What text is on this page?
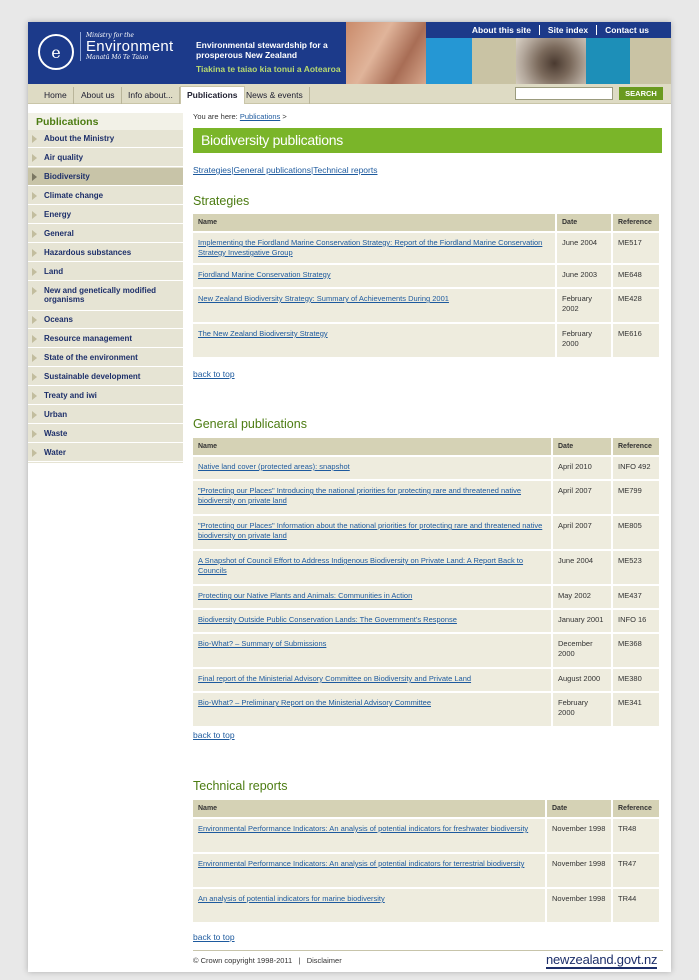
e
Ministry for the
Environment
Manatū Mō Te Taiao
Environmental stewardship for a prosperous New Zealand
Tiakina te taiao kia tonui a Aotearoa
About this site	Site index	Contact us
Home	About us	Info about...	Publications News & events	SEARCH
Publications
About the Ministry
Air quality
Biodiversity
Climate change
Energy
General
Hazardous substances
Land
New and genetically modified organisms
Oceans
Resource management
State of the environment
Sustainable development
Treaty and iwi
Urban
Waste
Water
You are here: Publications >
Biodiversity publications
Strategies|General publications|Technical reports
Strategies
Name	Date	Reference
Implementing the Fiordland Marine Conservation Strategy: Report of the Fiordland Marine Conservation Strategy Investigative Group	June 2004	ME517
Fiordland Marine Conservation Strategy	June 2003	ME648
New Zealand Biodiversity Strategy: Summary of Achievements During 2001	February 2002	ME428
The New Zealand Biodiversity Strategy	February 2000	ME616
back to top
General publications
Name	Date	Reference
Native land cover (protected areas): snapshot	April 2010	INFO 492
"Protecting our Places" Introducing the national priorities for protecting rare and threatened native biodiversity on private land	April 2007	ME799
"Protecting our Places" Information about the national priorities for protecting rare and threatened native biodiversity on private land	April 2007	ME805
A Snapshot of Council Effort to Address Indigenous Biodiversity on Private Land: A Report Back to Councils	June 2004	ME523
Protecting our Native Plants and Animals: Communities in Action	May 2002	ME437
Biodiversity Outside Public Conservation Lands: The Government's Response	January 2001	INFO 16
Bio-What? – Summary of Submissions	December 2000	ME368
Final report of the Ministerial Advisory Committee on Biodiversity and Private Land	August 2000	ME380
Bio-What? – Preliminary Report on the Ministerial Advisory Committee	February 2000	ME341
back to top
Technical reports
Name	Date	Reference
Environmental Performance Indicators: An analysis of potential indicators for freshwater biodiversity	November 1998	TR48
Environmental Performance Indicators: An analysis of potential indicators for terrestrial biodiversity	November 1998	TR47
An analysis of potential indicators for marine biodiversity	November 1998	TR44
back to top
© Crown copyright 1998-2011 | Disclaimer	newzealand.govt.nz
